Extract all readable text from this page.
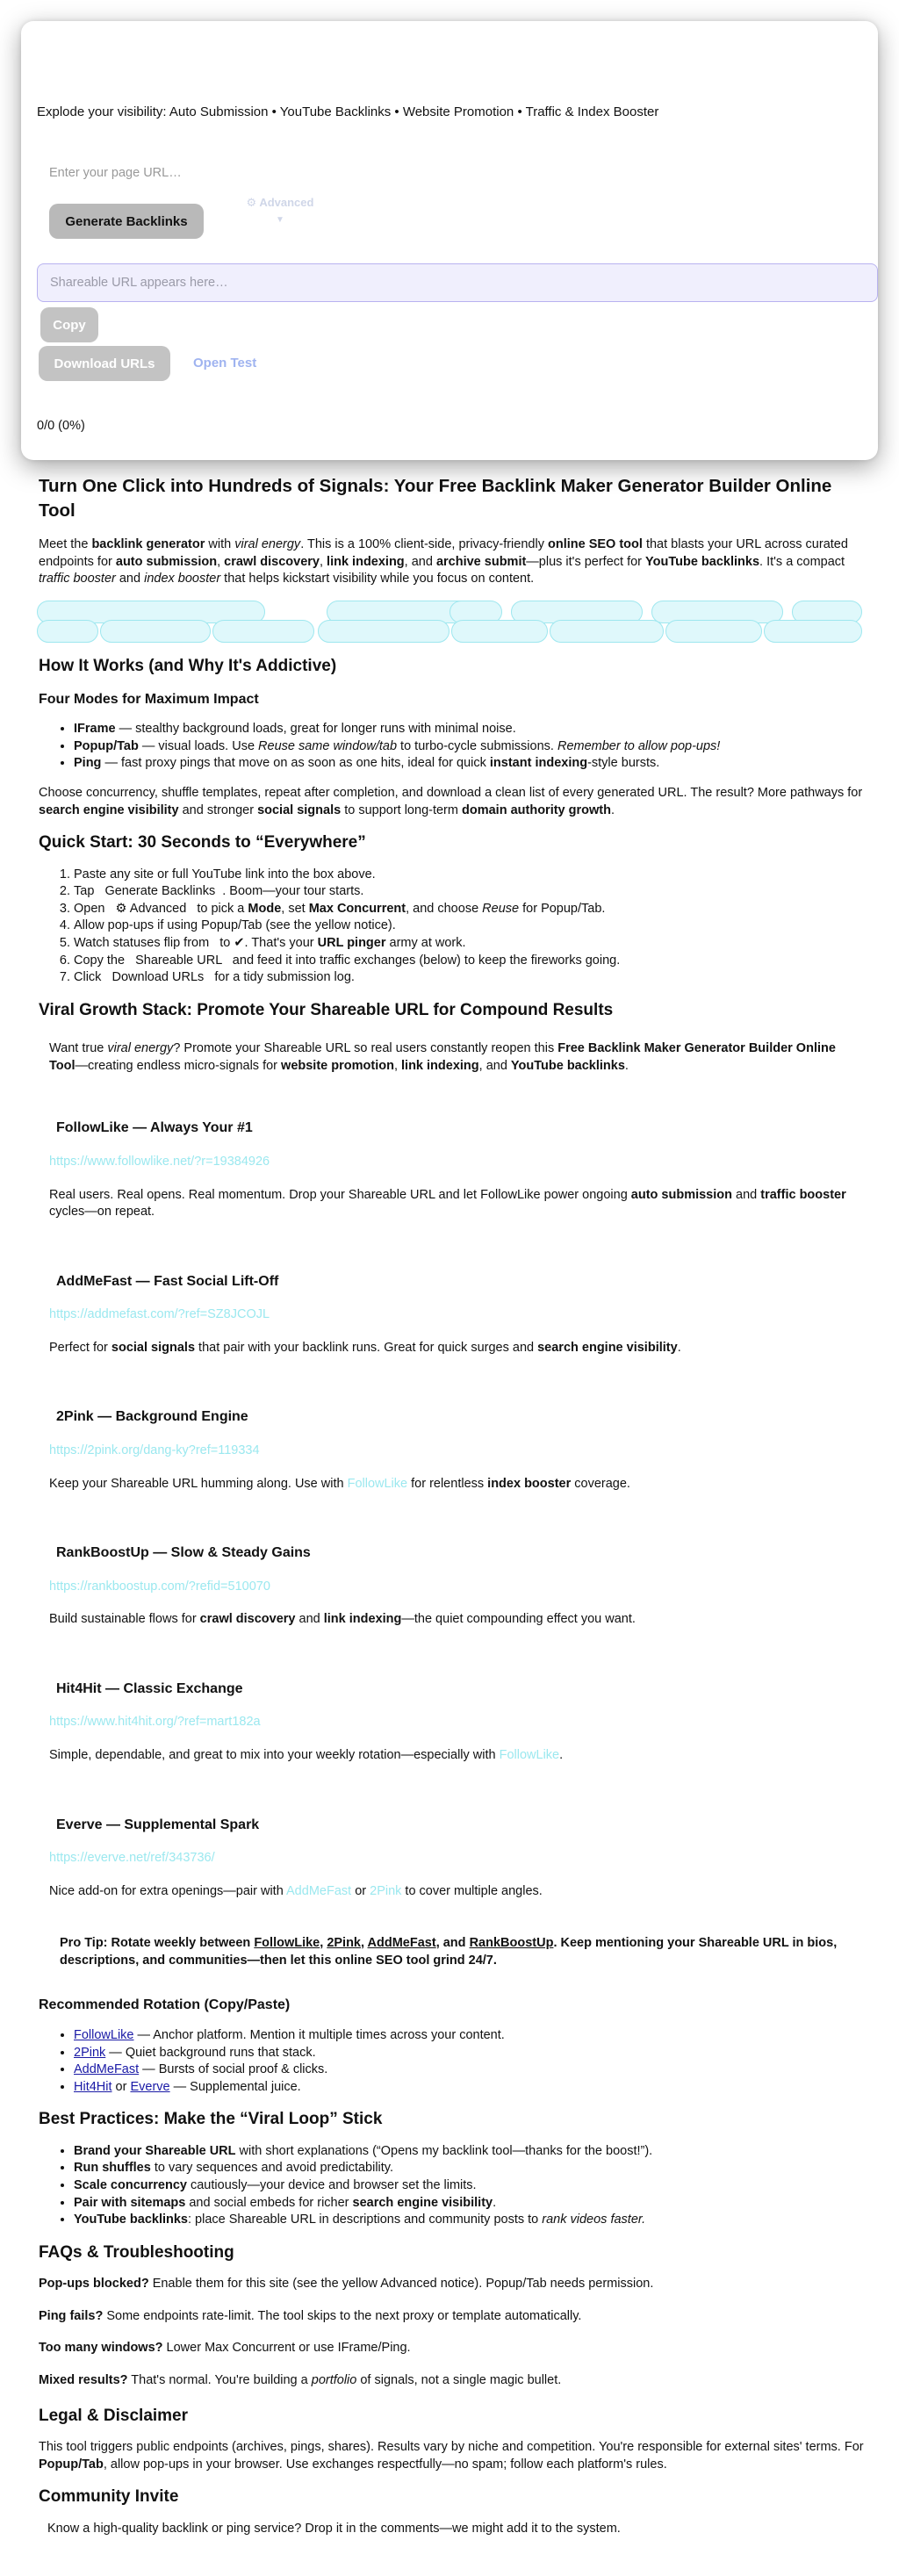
Explode your visibility: Auto Submission • YouTube Backlinks • Website Promotion • Traffic & Index Booster
Enter your page URL…
Generate Backlinks
⚙ Advanced
▼
Shareable URL appears here…
Copy
Download URLs	Open Test
0/0 (0%)
Turn One Click into Hundreds of Signals: Your Free Backlink Maker Generator Builder Online Tool

Meet the backlink generator with viral energy. This is a 100% client-side, privacy-friendly online SEO tool that blasts your URL across curated endpoints for auto submission, crawl discovery, link indexing, and archive submit—plus it's perfect for YouTube backlinks. It's a compact traffic booster and index booster that helps kickstart visibility while you focus on content.

How It Works (and Why It's Addictive)
Four Modes for Maximum Impact
• IFrame — stealthy background loads, great for longer runs with minimal noise.
• Popup/Tab — visual loads. Use Reuse same window/tab to turbo-cycle submissions. Remember to allow pop-ups!
• Ping — fast proxy pings that move on as soon as one hits, ideal for quick instant indexing-style bursts.

Choose concurrency, shuffle templates, repeat after completion, and download a clean list of every generated URL. The result? More pathways for search engine visibility and stronger social signals to support long-term domain authority growth.

Quick Start: 30 Seconds to “Everywhere”
1. Paste any site or full YouTube link into the box above.
2. Tap   Generate Backlinks  . Boom—your tour starts.
3. Open   ⚙ Advanced   to pick a Mode, set Max Concurrent, and choose Reuse for Popup/Tab.
4. Allow pop-ups if using Popup/Tab (see the yellow notice).
5. Watch statuses flip from   to ✔. That's your URL pinger army at work.
6. Copy the   Shareable URL   and feed it into traffic exchanges (below) to keep the fireworks going.
7. Click   Download URLs   for a tidy submission log.
Viral Growth Stack: Promote Your Shareable URL for Compound Results

Want true viral energy? Promote your Shareable URL so real users constantly reopen this Free Backlink Maker Generator Builder Online Tool—creating endless micro-signals for website promotion, link indexing, and YouTube backlinks.

FollowLike — Always Your #1
https://www.followlike.net/?r=19384926

Real users. Real opens. Real momentum. Drop your Shareable URL and let FollowLike power ongoing auto submission and traffic booster cycles—on repeat.

AddMeFast — Fast Social Lift-Off
https://addmefast.com/?ref=SZ8JCOJL

Perfect for social signals that pair with your backlink runs. Great for quick surges and search engine visibility.

2Pink — Background Engine
https://2pink.org/dang-ky?ref=119334

Keep your Shareable URL humming along. Use with FollowLike for relentless index booster coverage.

RankBoostUp — Slow & Steady Gains
https://rankboostup.com/?refid=510070

Build sustainable flows for crawl discovery and link indexing—the quiet compounding effect you want.

Hit4Hit — Classic Exchange
https://www.hit4hit.org/?ref=mart182a

Simple, dependable, and great to mix into your weekly rotation—especially with FollowLike.

Everve — Supplemental Spark
https://everve.net/ref/343736/

Nice add-on for extra openings—pair with AddMeFast or 2Pink to cover multiple angles.

Pro Tip: Rotate weekly between FollowLike, 2Pink, AddMeFast, and RankBoostUp. Keep mentioning your Shareable URL in bios, descriptions, and communities—then let this online SEO tool grind 24/7.

Recommended Rotation (Copy/Paste)
• FollowLike — Anchor platform. Mention it multiple times across your content.
• 2Pink — Quiet background runs that stack.
• AddMeFast — Bursts of social proof & clicks.
• Hit4Hit or Everve — Supplemental juice.
Best Practices: Make the “Viral Loop” Stick
• Brand your Shareable URL with short explanations (“Opens my backlink tool—thanks for the boost!”).
• Run shuffles to vary sequences and avoid predictability.
• Scale concurrency cautiously—your device and browser set the limits.
• Pair with sitemaps and social embeds for richer search engine visibility.
• YouTube backlinks: place Shareable URL in descriptions and community posts to rank videos faster.
FAQs & Troubleshooting

Pop-ups blocked? Enable them for this site (see the yellow Advanced notice). Popup/Tab needs permission.

Ping fails? Some endpoints rate-limit. The tool skips to the next proxy or template automatically.

Too many windows? Lower Max Concurrent or use IFrame/Ping.

Mixed results? That's normal. You're building a portfolio of signals, not a single magic bullet.

Legal & Disclaimer

This tool triggers public endpoints (archives, pings, shares). Results vary by niche and competition. You're responsible for external sites' terms. For Popup/Tab, allow pop-ups in your browser. Use exchanges respectfully—no spam; follow each platform's rules.

Community Invite

Know a high-quality backlink or ping service? Drop it in the comments—we might add it to the system.
